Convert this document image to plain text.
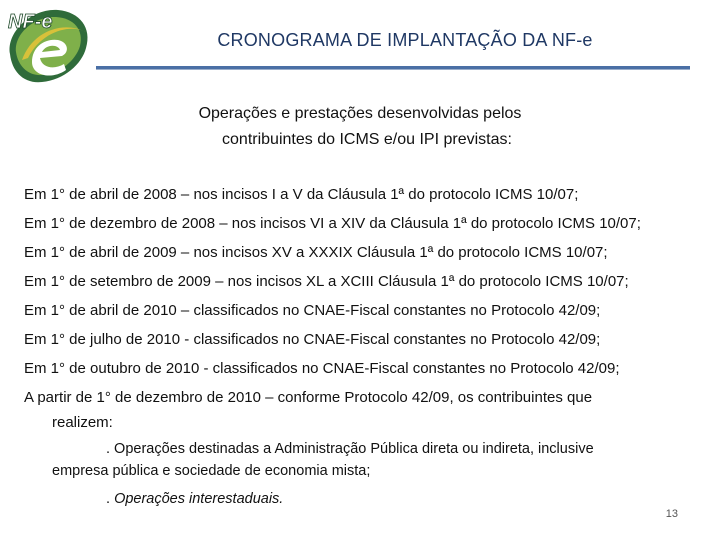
NF-e
CRONOGRAMA DE IMPLANTAÇÃO DA NF-e
Operações e prestações desenvolvidas pelos
contribuintes do ICMS e/ou IPI previstas:
Em 1° de abril de 2008 – nos incisos I a V da Cláusula 1ª do protocolo ICMS 10/07;
Em 1° de dezembro de 2008 – nos incisos VI a XIV da Cláusula 1ª do protocolo ICMS 10/07;
Em 1° de abril de 2009 – nos incisos XV a XXXIX Cláusula 1ª do protocolo ICMS 10/07;
Em 1° de setembro de 2009 – nos incisos XL a XCIII Cláusula 1ª do protocolo ICMS 10/07;
Em 1° de abril de 2010 – classificados no CNAE-Fiscal constantes no Protocolo 42/09;
Em 1° de julho de 2010 - classificados no CNAE-Fiscal constantes no Protocolo 42/09;
Em 1° de outubro de 2010 - classificados no CNAE-Fiscal constantes no Protocolo 42/09;
A partir de 1° de dezembro de 2010 – conforme Protocolo 42/09, os contribuintes que
realizem:
. Operações destinadas a Administração Pública direta ou indireta, inclusive
empresa pública e sociedade de economia mista;
. Operações interestaduais.
13
